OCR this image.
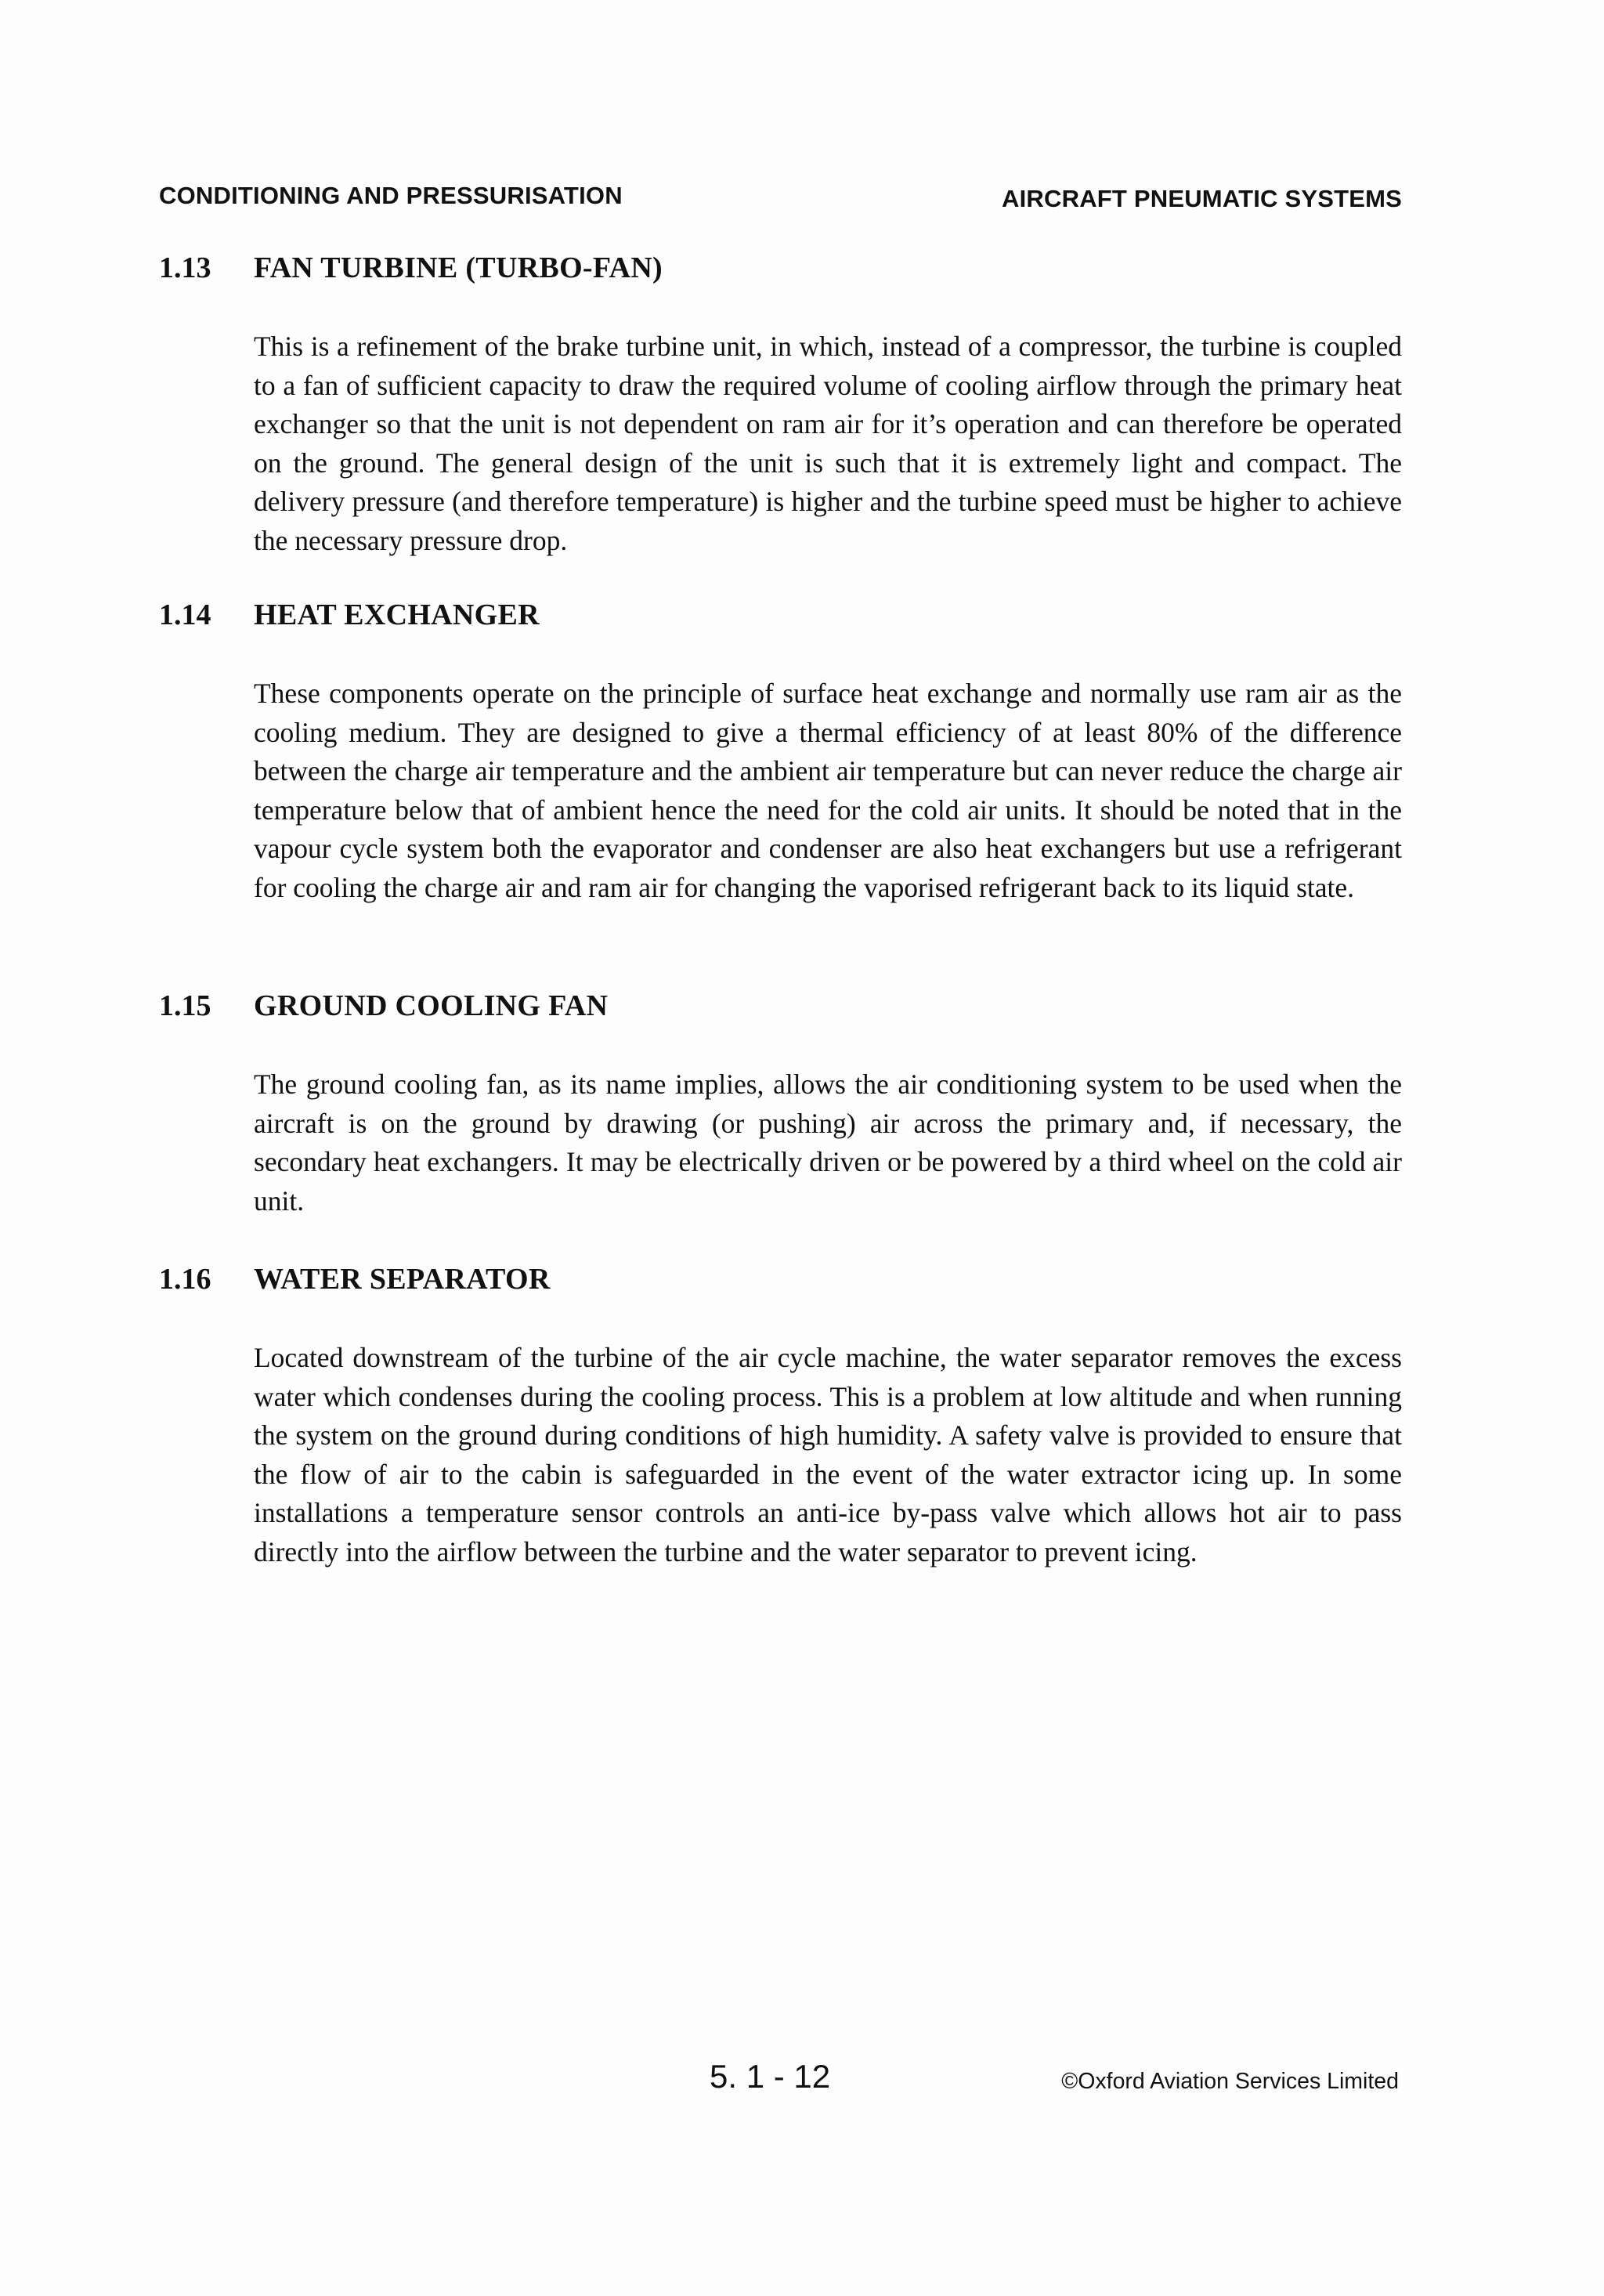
CONDITIONING AND PRESSURISATION	AIRCRAFT PNEUMATIC SYSTEMS
1.13 FAN TURBINE (TURBO-FAN)
This is a refinement of the brake turbine unit, in which, instead of a compressor, the turbine is coupled to a fan of sufficient capacity to draw the required volume of cooling airflow through the primary heat exchanger so that the unit is not dependent on ram air for it’s operation and can therefore be operated on the ground. The general design of the unit is such that it is extremely light and compact. The delivery pressure (and therefore temperature) is higher and the turbine speed must be higher to achieve the necessary pressure drop.
1.14 HEAT EXCHANGER
These components operate on the principle of surface heat exchange and normally use ram air as the cooling medium. They are designed to give a thermal efficiency of at least 80% of the difference between the charge air temperature and the ambient air temperature but can never reduce the charge air temperature below that of ambient hence the need for the cold air units. It should be noted that in the vapour cycle system both the evaporator and condenser are also heat exchangers but use a refrigerant for cooling the charge air and ram air for changing the vaporised refrigerant back to its liquid state.
1.15 GROUND COOLING FAN
The ground cooling fan, as its name implies, allows the air conditioning system to be used when the aircraft is on the ground by drawing (or pushing) air across the primary and, if necessary, the secondary heat exchangers. It may be electrically driven or be powered by a third wheel on the cold air unit.
1.16 WATER SEPARATOR
Located downstream of the turbine of the air cycle machine, the water separator removes the excess water which condenses during the cooling process. This is a problem at low altitude and when running the system on the ground during conditions of high humidity. A safety valve is provided to ensure that the flow of air to the cabin is safeguarded in the event of the water extractor icing up. In some installations a temperature sensor controls an anti-ice by-pass valve which allows hot air to pass directly into the airflow between the turbine and the water separator to prevent icing.
5. 1 - 12	©Oxford Aviation Services Limited
